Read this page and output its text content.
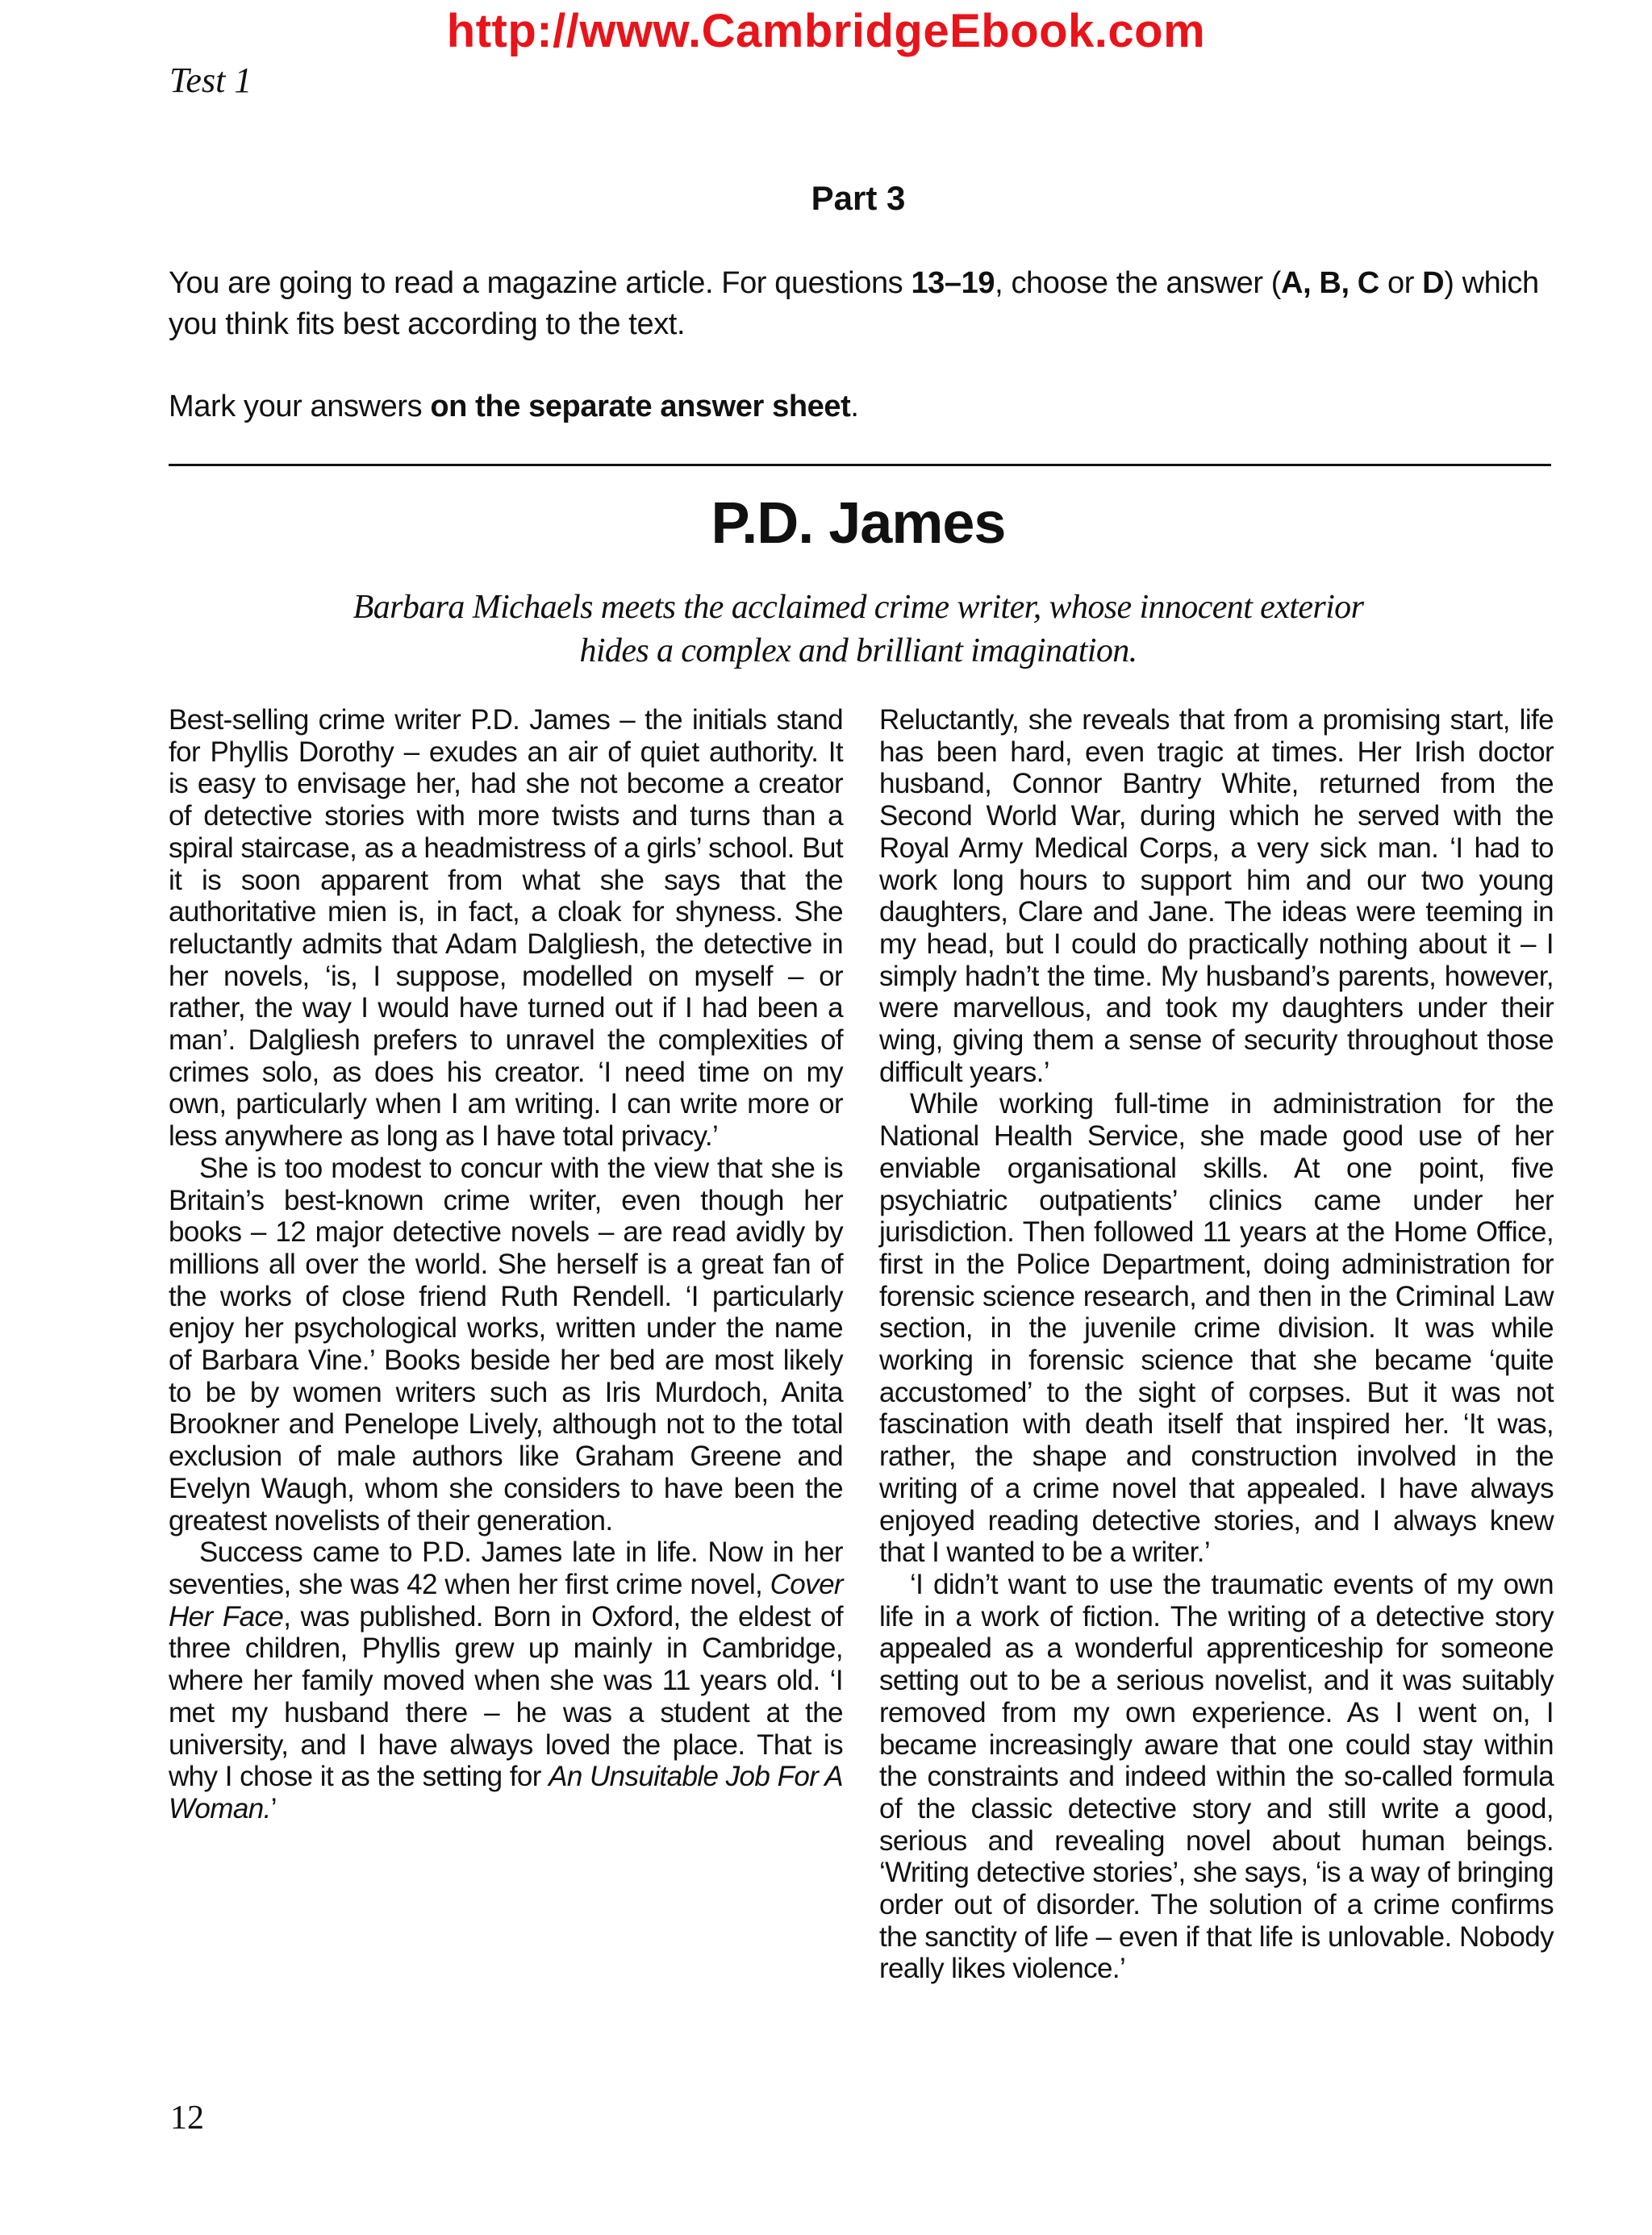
http://www.CambridgeEbook.com
Test 1
Part 3

You are going to read a magazine article. For questions 13–19, choose the answer (A, B, C or D) which you think fits best according to the text.

Mark your answers on the separate answer sheet.

P.D. James
Barbara Michaels meets the acclaimed crime writer, whose innocent exterior
hides a complex and brilliant imagination.

Best-selling crime writer P.D. James – the initials stand for Phyllis Dorothy – exudes an air of quiet authority. It is easy to envisage her, had she not become a creator of detective stories with more twists and turns than a spiral staircase, as a headmistress of a girls’ school. But it is soon apparent from what she says that the authoritative mien is, in fact, a cloak for shyness. She reluctantly admits that Adam Dalgliesh, the detective in her novels, ‘is, I suppose, modelled on myself – or rather, the way I would have turned out if I had been a man’. Dalgliesh prefers to unravel the complexities of crimes solo, as does his creator. ‘I need time on my own, particularly when I am writing. I can write more or less anywhere as long as I have total privacy.’

She is too modest to concur with the view that she is Britain’s best-known crime writer, even though her books – 12 major detective novels – are read avidly by millions all over the world. She herself is a great fan of the works of close friend Ruth Rendell. ‘I particularly enjoy her psychological works, written under the name of Barbara Vine.’ Books beside her bed are most likely to be by women writers such as Iris Murdoch, Anita Brookner and Penelope Lively, although not to the total exclusion of male authors like Graham Greene and Evelyn Waugh, whom she considers to have been the greatest novelists of their generation.

Success came to P.D. James late in life. Now in her seventies, she was 42 when her first crime novel, Cover Her Face, was published. Born in Oxford, the eldest of three children, Phyllis grew up mainly in Cambridge, where her family moved when she was 11 years old. ‘I met my husband there – he was a student at the university, and I have always loved the place. That is why I chose it as the setting for An Unsuitable Job For A Woman.’

Reluctantly, she reveals that from a promising start, life has been hard, even tragic at times. Her Irish doctor husband, Connor Bantry White, returned from the Second World War, during which he served with the Royal Army Medical Corps, a very sick man. ‘I had to work long hours to support him and our two young daughters, Clare and Jane. The ideas were teeming in my head, but I could do practically nothing about it – I simply hadn’t the time. My husband’s parents, however, were marvellous, and took my daughters under their wing, giving them a sense of security throughout those difficult years.’

While working full-time in administration for the National Health Service, she made good use of her enviable organisational skills. At one point, five psychiatric outpatients’ clinics came under her jurisdiction. Then followed 11 years at the Home Office, first in the Police Department, doing administration for forensic science research, and then in the Criminal Law section, in the juvenile crime division. It was while working in forensic science that she became ‘quite accustomed’ to the sight of corpses. But it was not fascination with death itself that inspired her. ‘It was, rather, the shape and construction involved in the writing of a crime novel that appealed. I have always enjoyed reading detective stories, and I always knew that I wanted to be a writer.’

‘I didn’t want to use the traumatic events of my own life in a work of fiction. The writing of a detective story appealed as a wonderful apprenticeship for someone setting out to be a serious novelist, and it was suitably removed from my own experience. As I went on, I became increasingly aware that one could stay within the constraints and indeed within the so-called formula of the classic detective story and still write a good, serious and revealing novel about human beings. ‘Writing detective stories’, she says, ‘is a way of bringing order out of disorder. The solution of a crime confirms the sanctity of life – even if that life is unlovable. Nobody really likes violence.’

12
